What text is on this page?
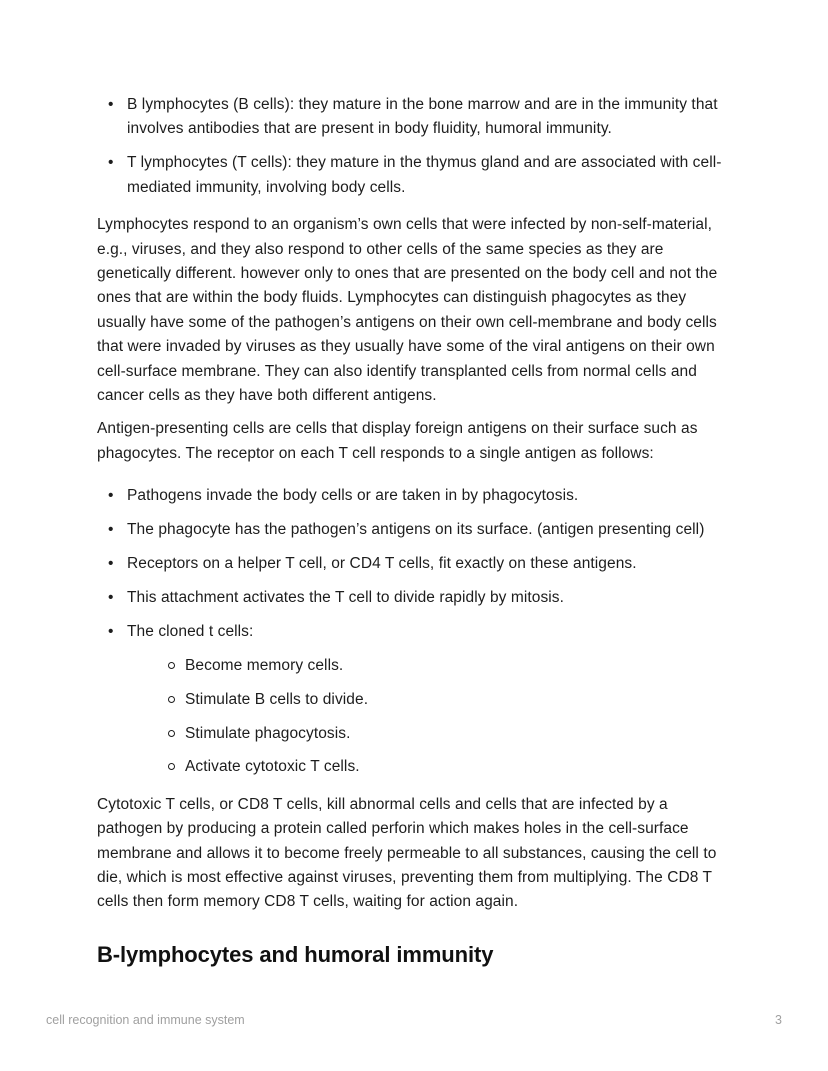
• B lymphocytes (B cells): they mature in the bone marrow and are in the immunity that involves antibodies that are present in body fluidity, humoral immunity.
• T lymphocytes (T cells): they mature in the thymus gland and are associated with cell-mediated immunity, involving body cells.

Lymphocytes respond to an organism’s own cells that were infected by non-self-material, e.g., viruses, and they also respond to other cells of the same species as they are genetically different. however only to ones that are presented on the body cell and not the ones that are within the body fluids. Lymphocytes can distinguish phagocytes as they usually have some of the pathogen’s antigens on their own cell-membrane and body cells that were invaded by viruses as they usually have some of the viral antigens on their own cell-surface membrane. They can also identify transplanted cells from normal cells and cancer cells as they have both different antigens.

Antigen-presenting cells are cells that display foreign antigens on their surface such as phagocytes. The receptor on each T cell responds to a single antigen as follows:

• Pathogens invade the body cells or are taken in by phagocytosis.
• The phagocyte has the pathogen’s antigens on its surface. (antigen presenting cell)
• Receptors on a helper T cell, or CD4 T cells, fit exactly on these antigens.
• This attachment activates the T cell to divide rapidly by mitosis.
• The cloned t cells:
Become memory cells.
Stimulate B cells to divide.
Stimulate phagocytosis.
Activate cytotoxic T cells.

Cytotoxic T cells, or CD8 T cells, kill abnormal cells and cells that are infected by a pathogen by producing a protein called perforin which makes holes in the cell-surface membrane and allows it to become freely permeable to all substances, causing the cell to die, which is most effective against viruses, preventing them from multiplying. The CD8 T cells then form memory CD8 T cells, waiting for action again.

B-lymphocytes and humoral immunity
cell recognition and immune system	3
